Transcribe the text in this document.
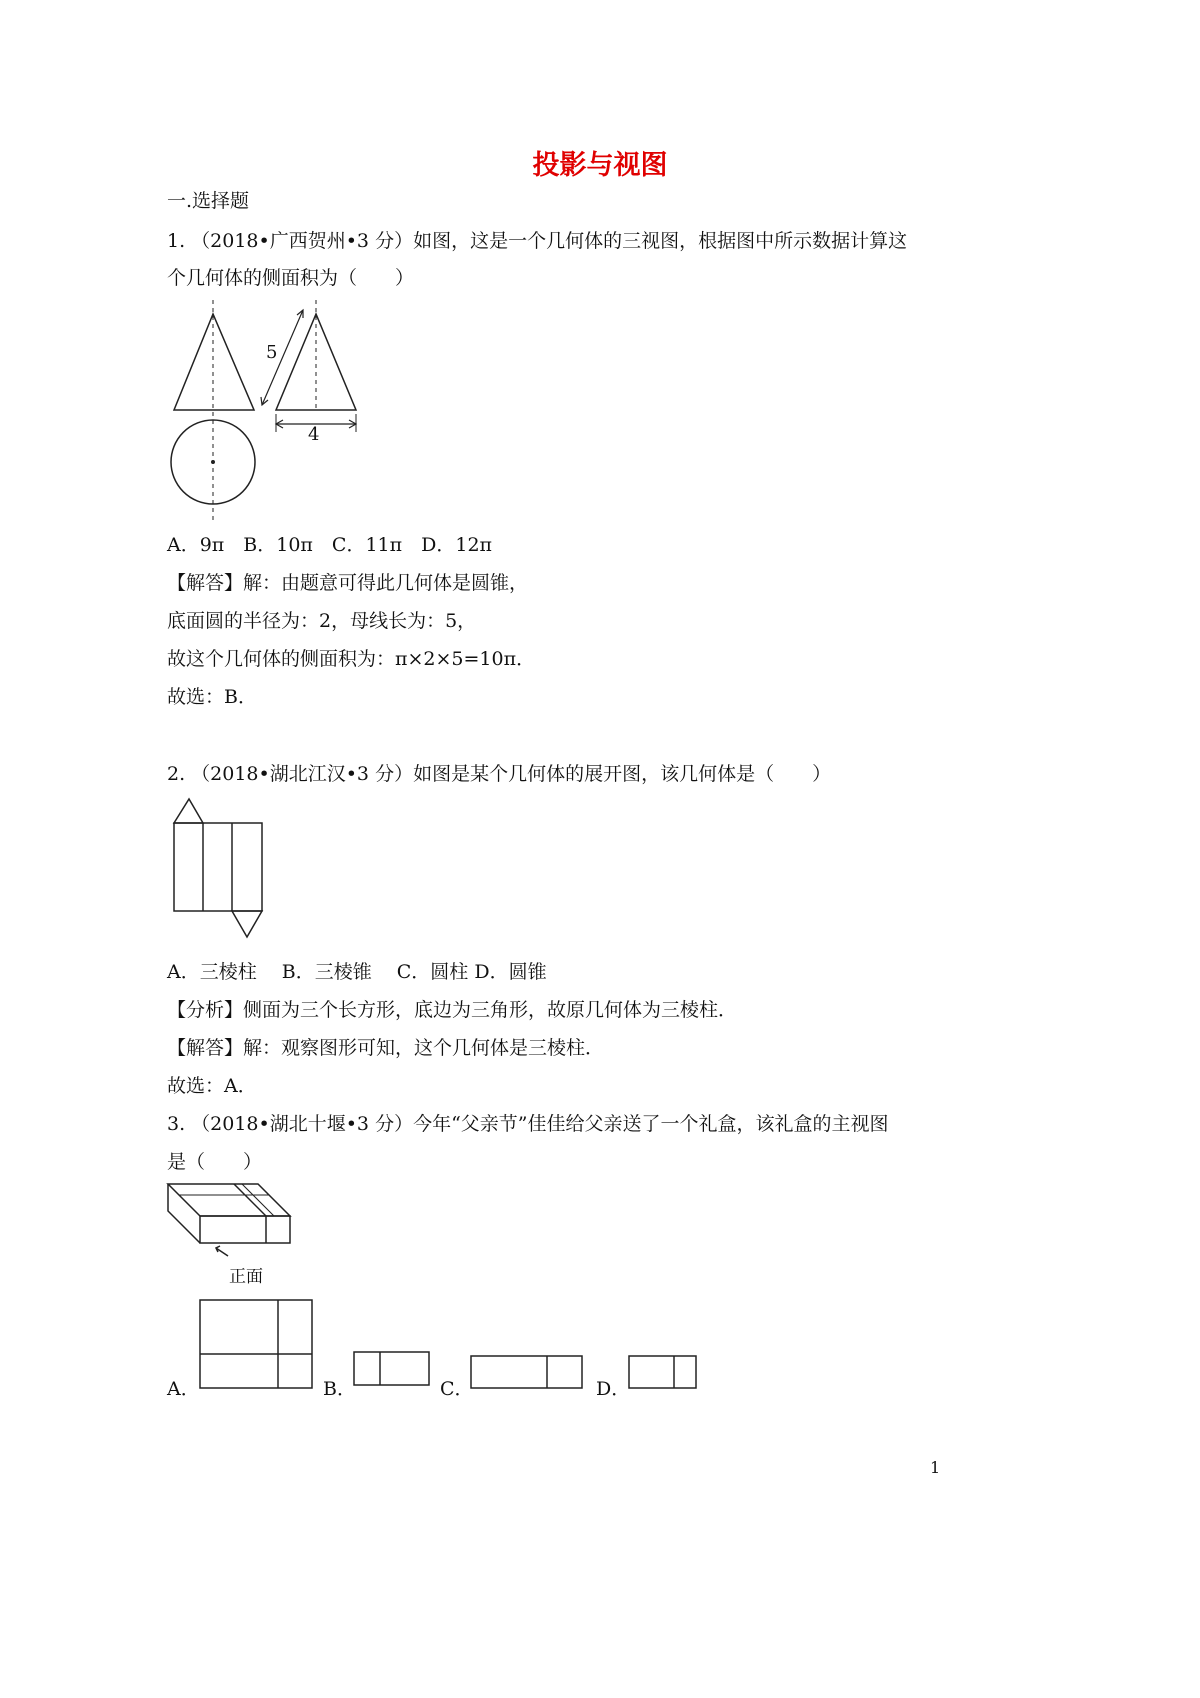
投影与视图
一.选择题
1. （2018•广西贺州•3 分）如图，这是一个几何体的三视图，根据图中所示数据计算这
个几何体的侧面积为（　　）
5
4
A．9π　B．10π　C．11π　D．12π
【解答】解：由题意可得此几何体是圆锥，
底面圆的半径为：2，母线长为：5，
故这个几何体的侧面积为：π×2×5=10π．
故选：B．
2. （2018•湖北江汉•3 分）如图是某个几何体的展开图，该几何体是（　　）
A．三棱柱　 B．三棱锥　 C．圆柱 D．圆锥
【分析】侧面为三个长方形，底边为三角形，故原几何体为三棱柱．
【解答】解：观察图形可知，这个几何体是三棱柱．
故选：A．
3. （2018•湖北十堰•3 分）今年“父亲节”佳佳给父亲送了一个礼盒，该礼盒的主视图
是（　　）
正面
A．	B．	C．	D．
1
